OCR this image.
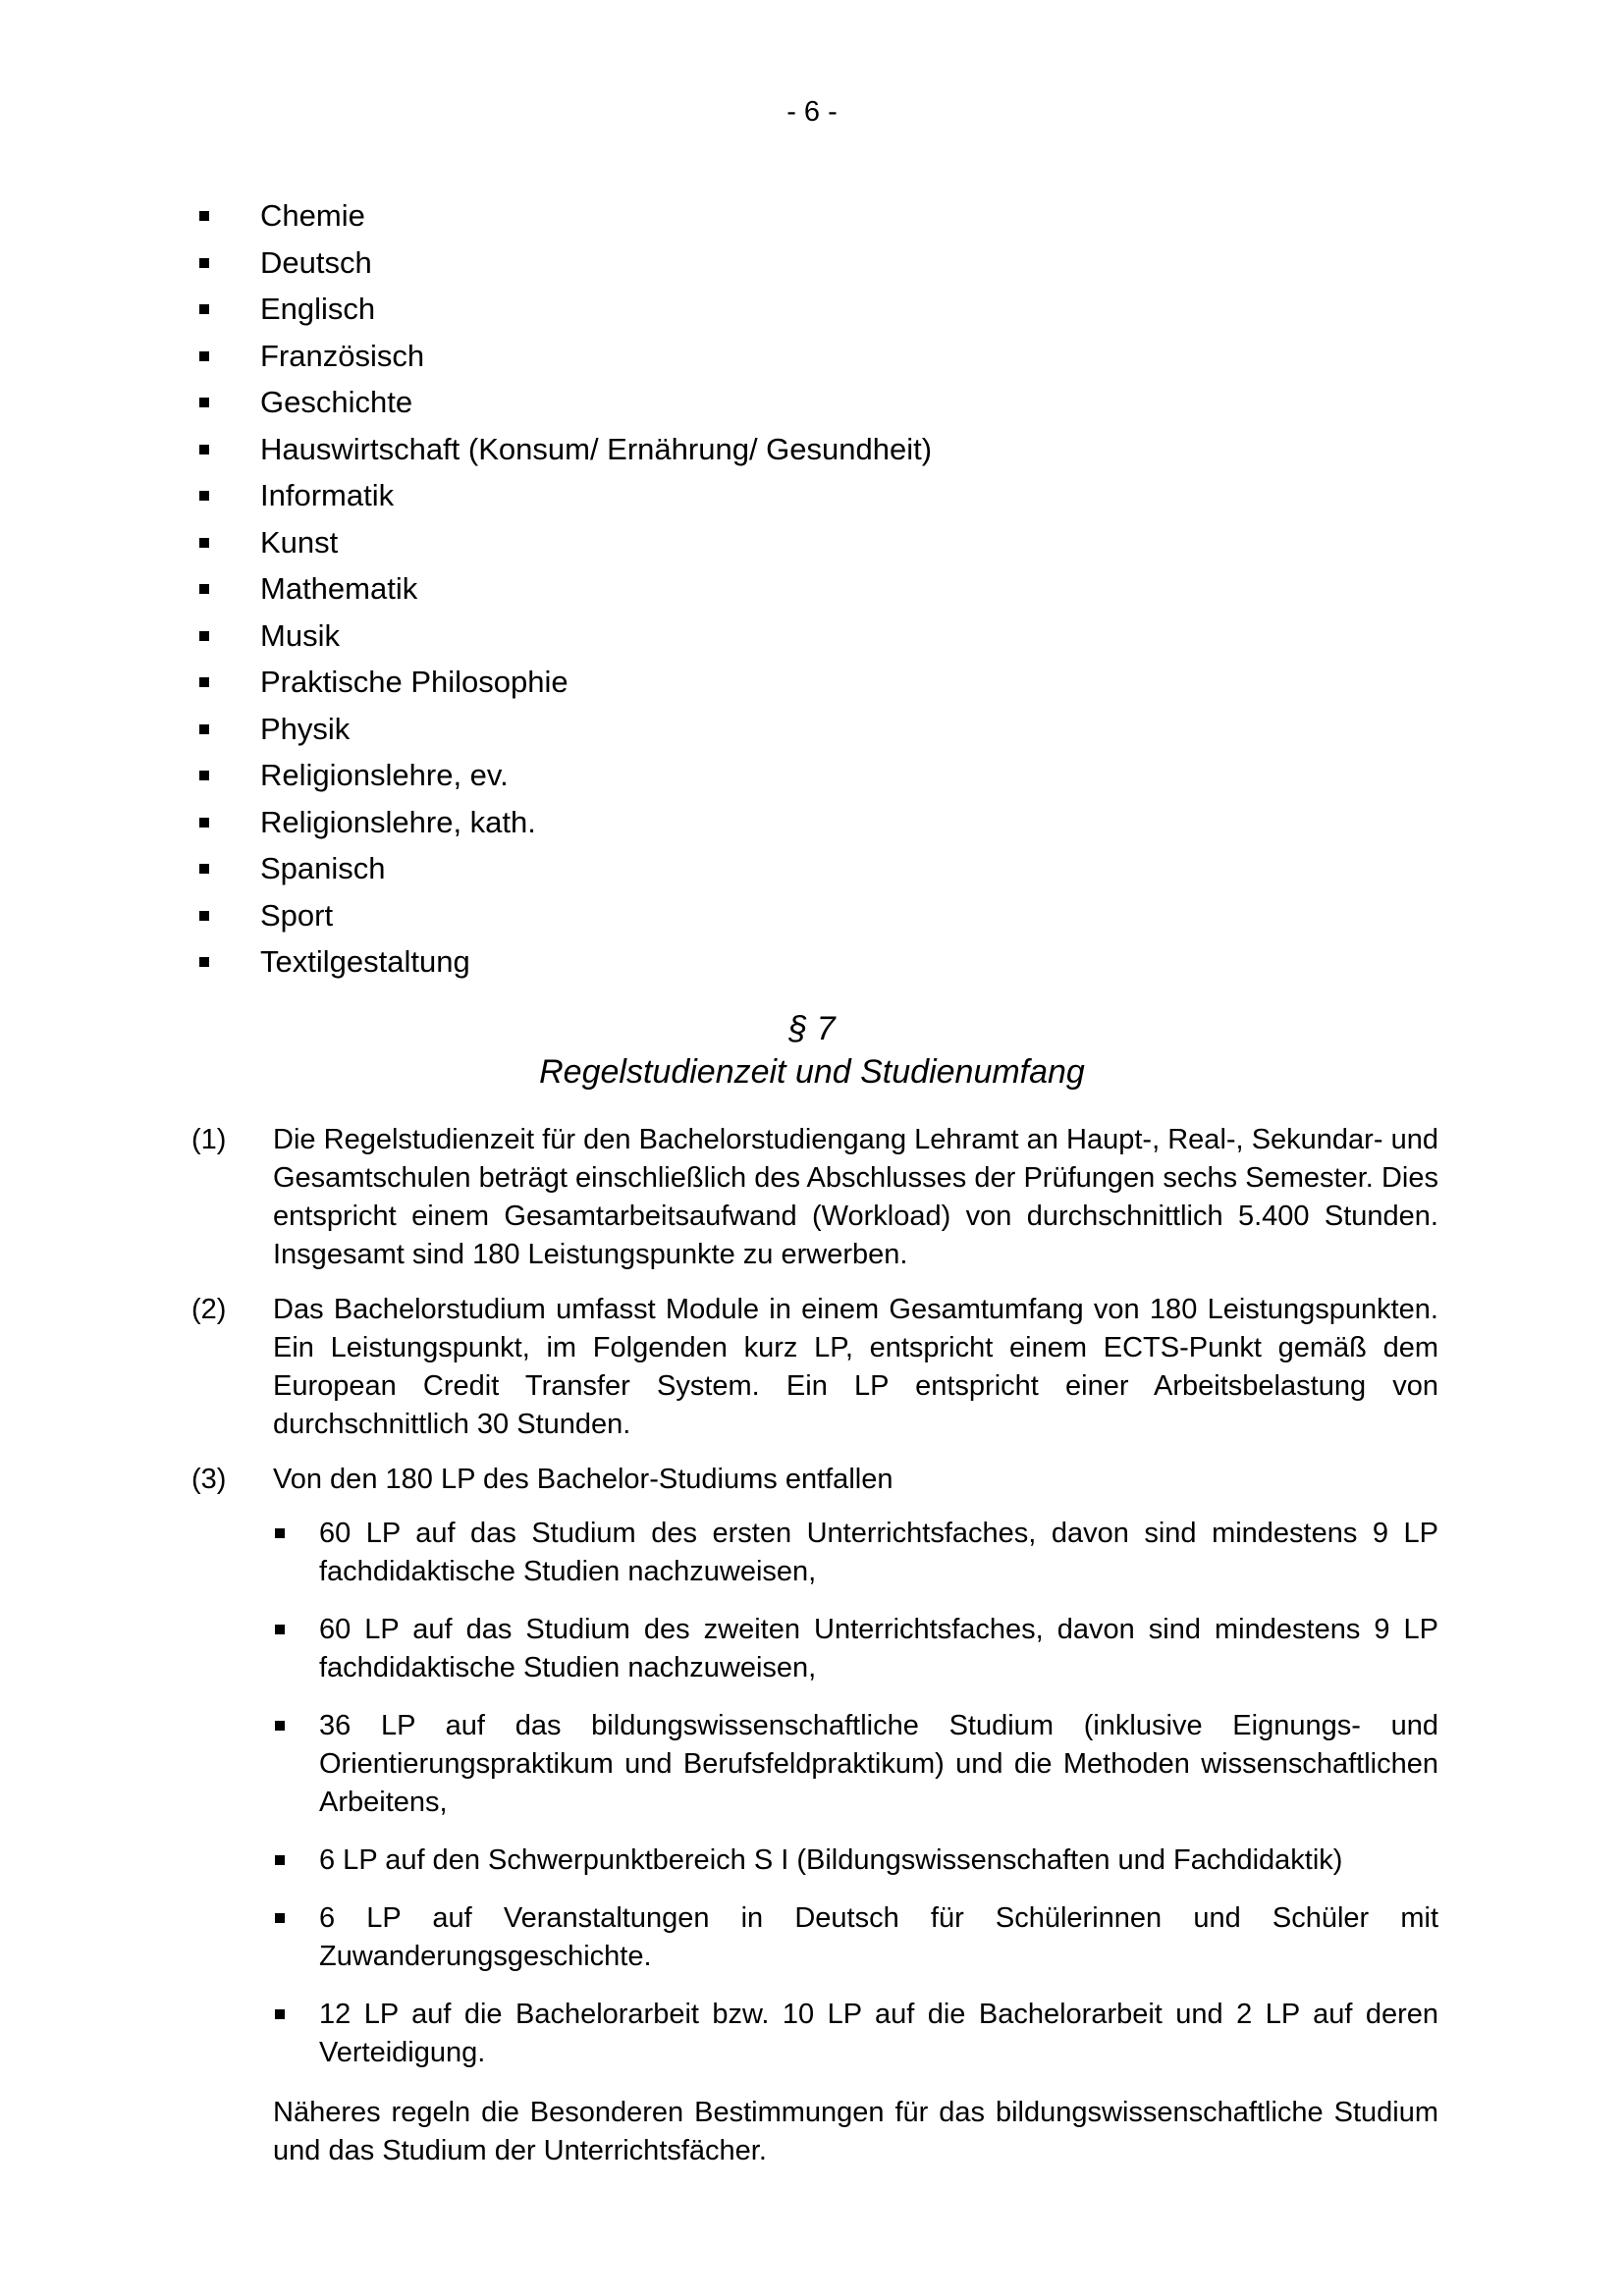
- 6 -
Chemie
Deutsch
Englisch
Französisch
Geschichte
Hauswirtschaft (Konsum/ Ernährung/ Gesundheit)
Informatik
Kunst
Mathematik
Musik
Praktische Philosophie
Physik
Religionslehre, ev.
Religionslehre, kath.
Spanisch
Sport
Textilgestaltung
§ 7
Regelstudienzeit und Studienumfang
(1)	Die Regelstudienzeit für den Bachelorstudiengang Lehramt an Haupt-, Real-, Sekundar- und Gesamtschulen beträgt einschließlich des Abschlusses der Prüfungen sechs Semester. Dies entspricht einem Gesamtarbeitsaufwand (Workload) von durchschnittlich 5.400 Stunden. Insgesamt sind 180 Leistungspunkte zu erwerben.
(2)	Das Bachelorstudium umfasst Module in einem Gesamtumfang von 180 Leistungspunkten. Ein Leistungspunkt, im Folgenden kurz LP, entspricht einem ECTS-Punkt gemäß dem European Credit Transfer System. Ein LP entspricht einer Arbeitsbelastung von durchschnittlich 30 Stunden.
(3)	Von den 180 LP des Bachelor-Studiums entfallen
60 LP auf das Studium des ersten Unterrichtsfaches, davon sind mindestens 9 LP fachdidaktische Studien nachzuweisen,
60 LP auf das Studium des zweiten Unterrichtsfaches, davon sind mindestens 9 LP fachdidaktische Studien nachzuweisen,
36 LP auf das bildungswissenschaftliche Studium (inklusive Eignungs- und Orientierungspraktikum und Berufsfeldpraktikum) und die Methoden wissenschaftlichen Arbeitens,
6 LP auf den Schwerpunktbereich S I (Bildungswissenschaften und Fachdidaktik)
6 LP auf Veranstaltungen in Deutsch für Schülerinnen und Schüler mit Zuwanderungsgeschichte.
12 LP auf die Bachelorarbeit bzw. 10 LP auf die Bachelorarbeit und 2 LP auf deren Verteidigung.
Näheres regeln die Besonderen Bestimmungen für das bildungswissenschaftliche Studium und das Studium der Unterrichtsfächer.
